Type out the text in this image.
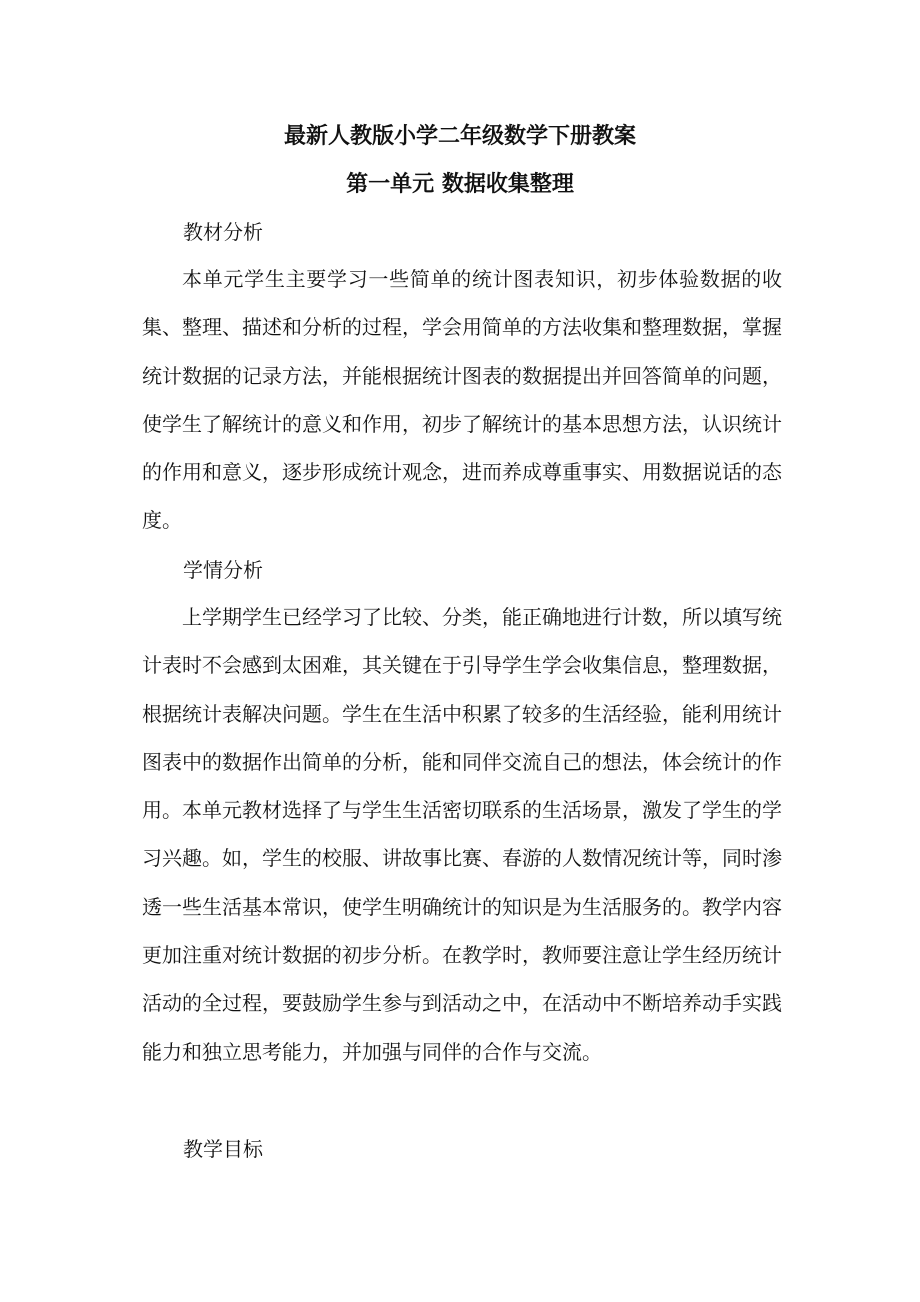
最新人教版小学二年级数学下册教案
第一单元 数据收集整理
教材分析

本单元学生主要学习一些简单的统计图表知识，初步体验数据的收集、整理、描述和分析的过程，学会用简单的方法收集和整理数据，掌握统计数据的记录方法，并能根据统计图表的数据提出并回答简单的问题，使学生了解统计的意义和作用，初步了解统计的基本思想方法，认识统计的作用和意义，逐步形成统计观念，进而养成尊重事实、用数据说话的态度。

学情分析

上学期学生已经学习了比较、分类，能正确地进行计数，所以填写统计表时不会感到太困难，其关键在于引导学生学会收集信息，整理数据，根据统计表解决问题。学生在生活中积累了较多的生活经验，能利用统计图表中的数据作出简单的分析，能和同伴交流自己的想法，体会统计的作用。本单元教材选择了与学生生活密切联系的生活场景，激发了学生的学习兴趣。如，学生的校服、讲故事比赛、春游的人数情况统计等，同时渗透一些生活基本常识，使学生明确统计的知识是为生活服务的。教学内容更加注重对统计数据的初步分析。在教学时，教师要注意让学生经历统计活动的全过程，要鼓励学生参与到活动之中，在活动中不断培养动手实践能力和独立思考能力，并加强与同伴的合作与交流。

教学目标
